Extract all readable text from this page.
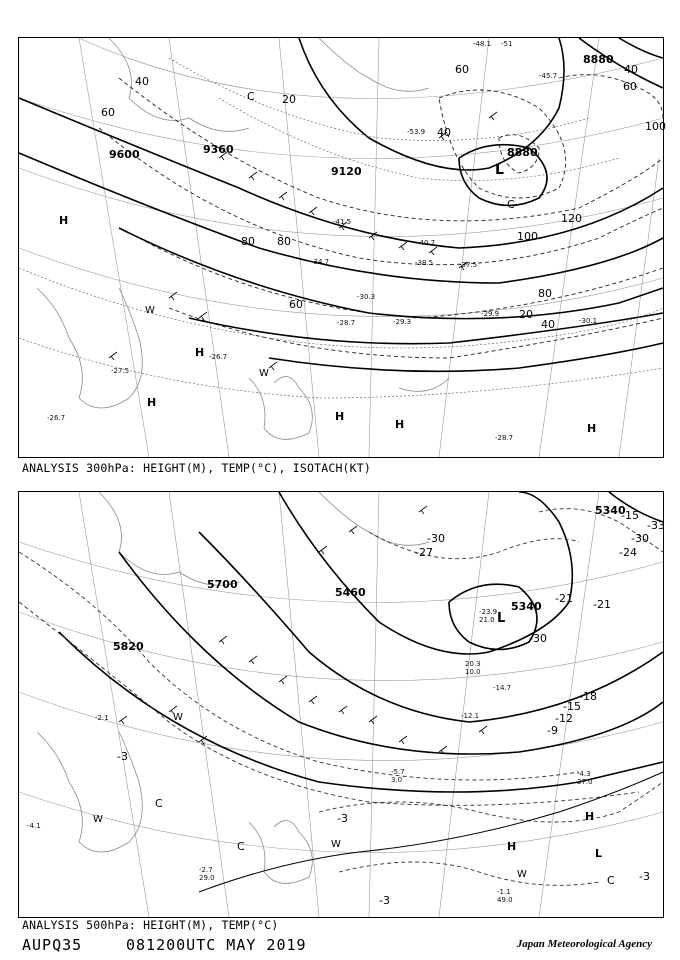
8880
8880
9600	9360
9120
20
40
60
80
100
120
40
60
80
40
20
80
40
60
100
60
L
C
C
H
H
H
H
H	H
W
W
-48.1 -51
-45.7
-53.9
-37.5
-29.9
-30.1
-29.3
-30.3
-28.7
-28.7
-26.7
-26.7
-27.5
-38.5
-40.7
-41.5
-34.7
ANALYSIS 300hPa: HEIGHT(M), TEMP(°C), ISOTACH(KT)
5340
5340
5700
5820
5460
-33
-30
-24
-21
-30
-18
-15
-12
-9
-3
-3
-3
-3
-27
-30
-21
-15
L
C
C
C
H
H
L
W
W
W
W
-4.3
37.0
-1.1
49.0
-2.7
29.0
-5.7
3.0
20.3
10.0
-12.1
-14.7
-23.9
21.0
-2.1
-4.1
ANALYSIS 500hPa: HEIGHT(M), TEMP(°C)
AUPQ35	081200UTC MAY 2019	Japan Meteorological Agency
